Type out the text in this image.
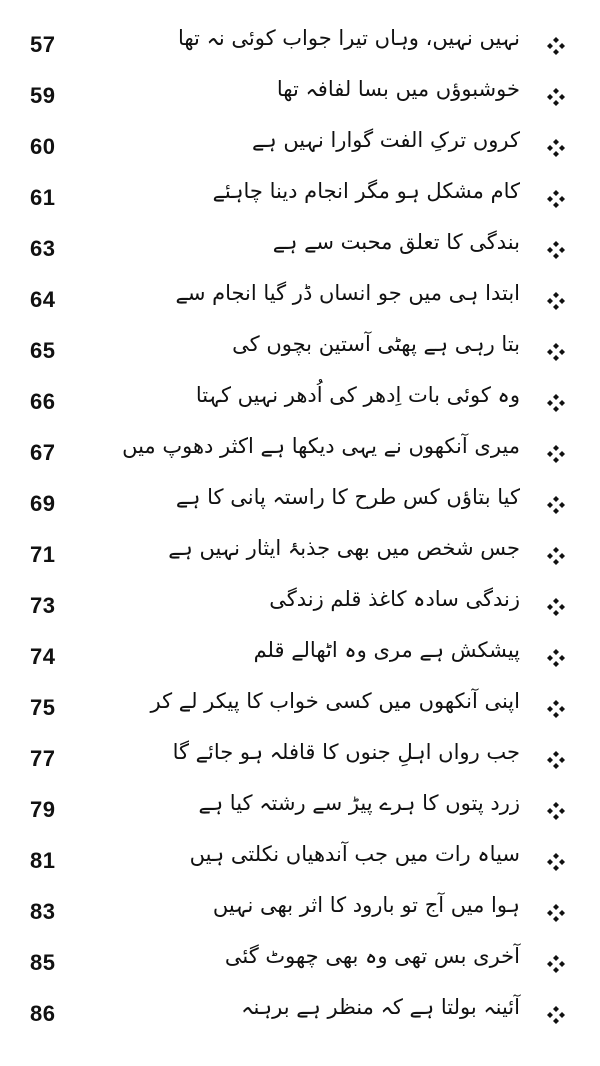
57	نہیں نہیں، وہاں تیرا جواب کوئی نہ تھا
59	خوشبوؤں میں بسا لفافہ تھا
60	کروں ترکِ الفت گوارا نہیں ہے
61	کام مشکل ہو مگر انجام دینا چاہئے
63	بندگی کا تعلق محبت سے ہے
64	ابتدا ہی میں جو انساں ڈر گیا انجام سے
65	بتا رہی ہے پھٹی آستین بچوں کی
66	وہ کوئی بات اِدھر کی اُدھر نہیں کہتا
67	میری آنکھوں نے یہی دیکھا ہے اکثر دھوپ میں
69	کیا بتاؤں کس طرح کا راستہ پانی کا ہے
71	جس شخص میں بھی جذبۂ ایثار نہیں ہے
73	زندگی سادہ کاغذ قلم زندگی
74	پیشکش ہے مری وہ اٹھالے قلم
75	اپنی آنکھوں میں کسی خواب کا پیکر لے کر
77	جب رواں اہلِ جنوں کا قافلہ ہو جائے گا
79	زرد پتوں کا ہرے پیڑ سے رشتہ کیا ہے
81	سیاہ رات میں جب آندھیاں نکلتی ہیں
83	ہوا میں آج تو بارود کا اثر بھی نہیں
85	آخری بس تھی وہ بھی چھوٹ گئی
86	آئینہ بولتا ہے کہ منظر ہے برہنہ
